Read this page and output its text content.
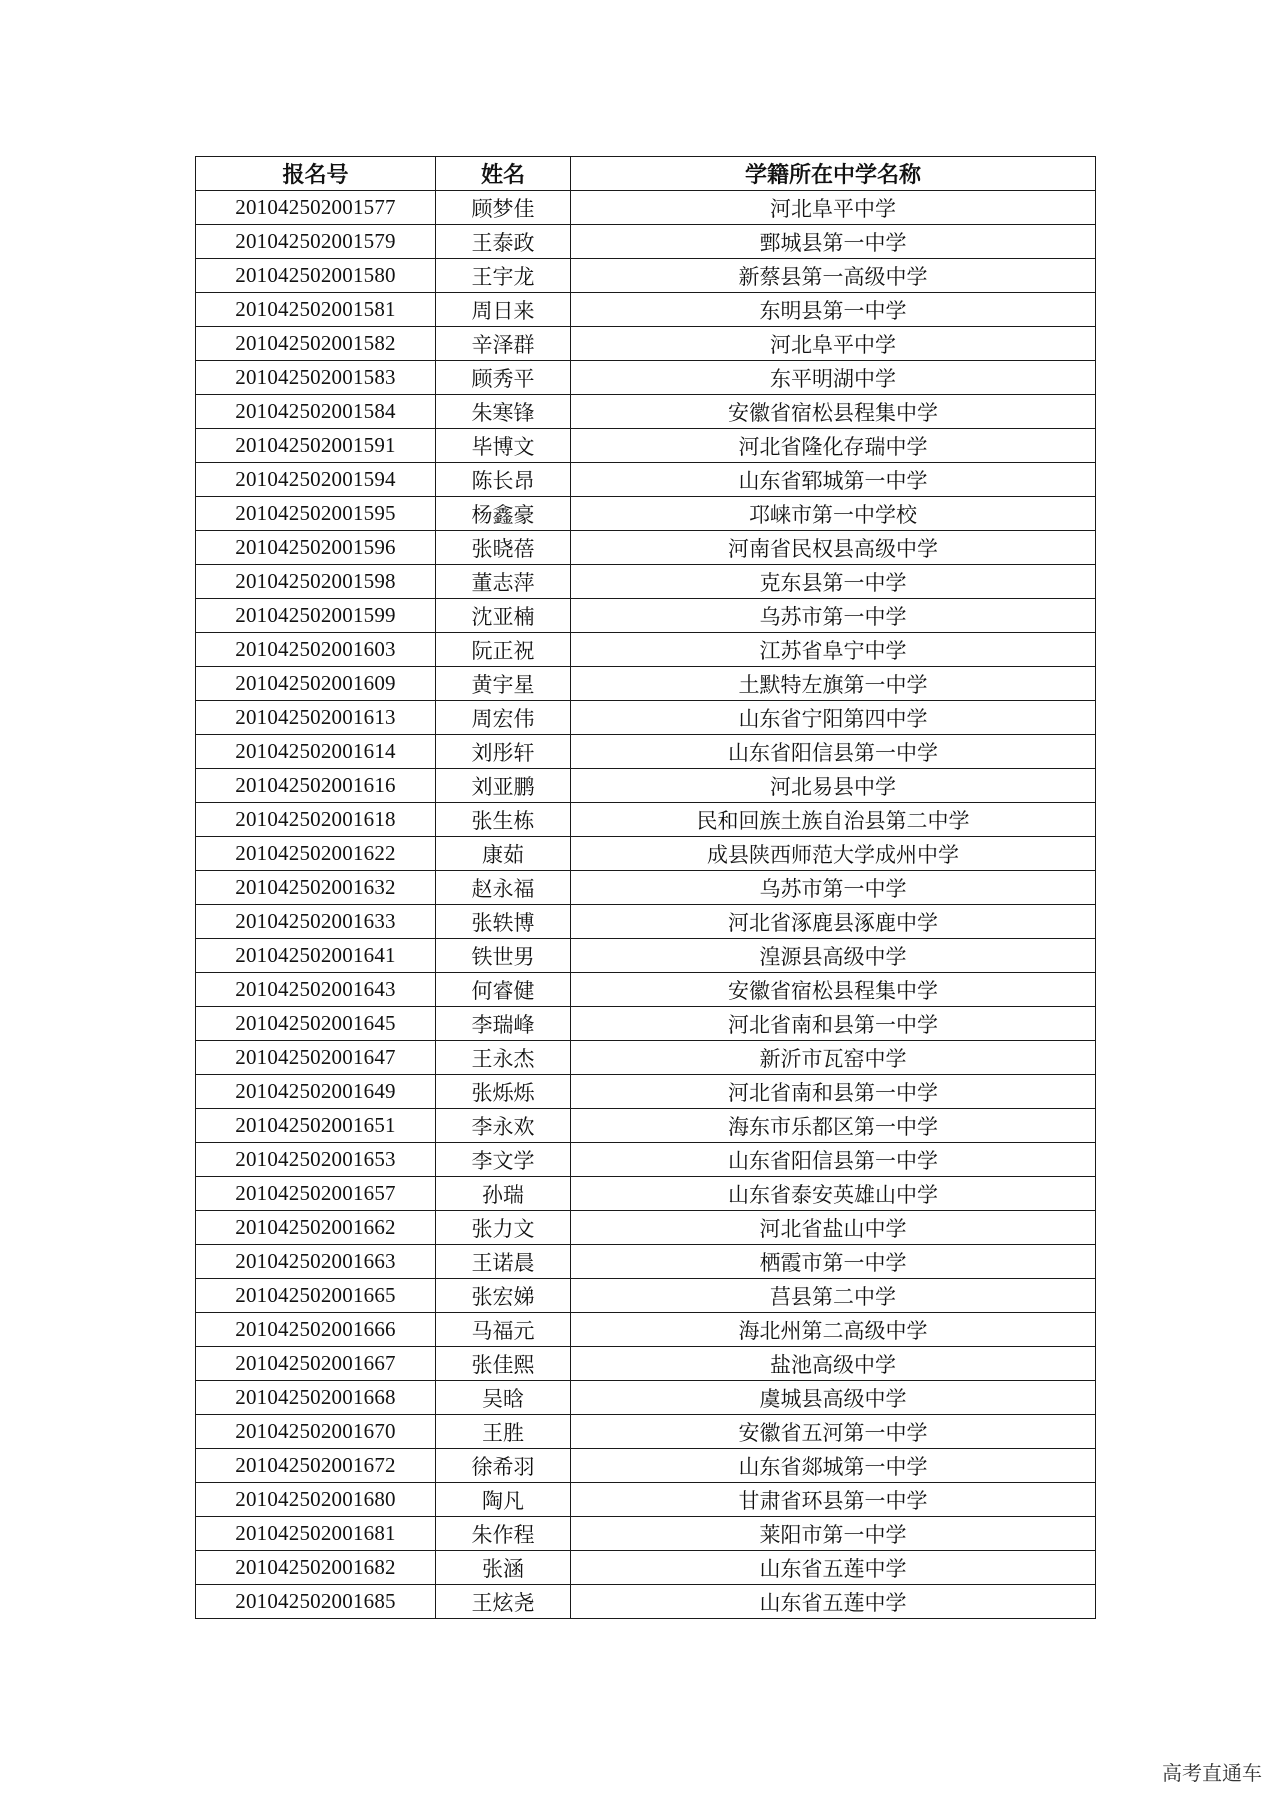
报名号	姓名	学籍所在中学名称
201042502001577	顾梦佳	河北阜平中学
201042502001579	王泰政	鄄城县第一中学
201042502001580	王宇龙	新蔡县第一高级中学
201042502001581	周日来	东明县第一中学
201042502001582	辛泽群	河北阜平中学
201042502001583	顾秀平	东平明湖中学
201042502001584	朱寒锋	安徽省宿松县程集中学
201042502001591	毕博文	河北省隆化存瑞中学
201042502001594	陈长昂	山东省郓城第一中学
201042502001595	杨鑫豪	邛崃市第一中学校
201042502001596	张晓蓓	河南省民权县高级中学
201042502001598	董志萍	克东县第一中学
201042502001599	沈亚楠	乌苏市第一中学
201042502001603	阮正祝	江苏省阜宁中学
201042502001609	黄宇星	土默特左旗第一中学
201042502001613	周宏伟	山东省宁阳第四中学
201042502001614	刘彤轩	山东省阳信县第一中学
201042502001616	刘亚鹏	河北易县中学
201042502001618	张生栋	民和回族土族自治县第二中学
201042502001622	康茹	成县陕西师范大学成州中学
201042502001632	赵永福	乌苏市第一中学
201042502001633	张轶博	河北省涿鹿县涿鹿中学
201042502001641	铁世男	湟源县高级中学
201042502001643	何睿健	安徽省宿松县程集中学
201042502001645	李瑞峰	河北省南和县第一中学
201042502001647	王永杰	新沂市瓦窑中学
201042502001649	张烁烁	河北省南和县第一中学
201042502001651	李永欢	海东市乐都区第一中学
201042502001653	李文学	山东省阳信县第一中学
201042502001657	孙瑞	山东省泰安英雄山中学
201042502001662	张力文	河北省盐山中学
201042502001663	王诺晨	栖霞市第一中学
201042502001665	张宏娣	莒县第二中学
201042502001666	马福元	海北州第二高级中学
201042502001667	张佳熙	盐池高级中学
201042502001668	吴晗	虞城县高级中学
201042502001670	王胜	安徽省五河第一中学
201042502001672	徐希羽	山东省郯城第一中学
201042502001680	陶凡	甘肃省环县第一中学
201042502001681	朱作程	莱阳市第一中学
201042502001682	张涵	山东省五莲中学
201042502001685	王炫尧	山东省五莲中学
高考直通车
